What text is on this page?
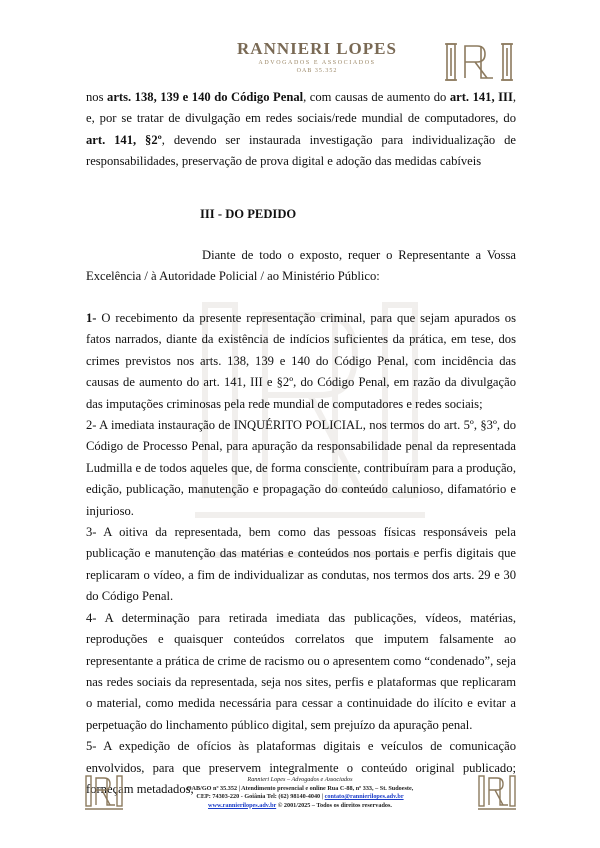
RANNIERI LOPES
ADVOGADOS E ASSOCIADOS
OAB 35.352

nos arts. 138, 139 e 140 do Código Penal, com causas de aumento do art. 141, III, e, por se tratar de divulgação em redes sociais/rede mundial de computadores, do art. 141, §2º, devendo ser instaurada investigação para individualização de responsabilidades, preservação de prova digital e adoção das medidas cabíveis

III - DO PEDIDO

Diante de todo o exposto, requer o Representante a Vossa Excelência / à Autoridade Policial / ao Ministério Público:

1- O recebimento da presente representação criminal, para que sejam apurados os fatos narrados, diante da existência de indícios suficientes da prática, em tese, dos crimes previstos nos arts. 138, 139 e 140 do Código Penal, com incidência das causas de aumento do art. 141, III e §2º, do Código Penal, em razão da divulgação das imputações criminosas pela rede mundial de computadores e redes sociais;

2- A imediata instauração de INQUÉRITO POLICIAL, nos termos do art. 5º, §3º, do Código de Processo Penal, para apuração da responsabilidade penal da representada Ludmilla e de todos aqueles que, de forma consciente, contribuíram para a produção, edição, publicação, manutenção e propagação do conteúdo calunioso, difamatório e injurioso.

3- A oitiva da representada, bem como das pessoas físicas responsáveis pela publicação e manutenção das matérias e conteúdos nos portais e perfis digitais que replicaram o vídeo, a fim de individualizar as condutas, nos termos dos arts. 29 e 30 do Código Penal.

4- A determinação para retirada imediata das publicações, vídeos, matérias, reproduções e quaisquer conteúdos correlatos que imputem falsamente ao representante a prática de crime de racismo ou o apresentem como “condenado”, seja nas redes sociais da representada, seja nos sites, perfis e plataformas que replicaram o material, como medida necessária para cessar a continuidade do ilícito e evitar a perpetuação do linchamento público digital, sem prejuízo da apuração penal.

5- A expedição de ofícios às plataformas digitais e veículos de comunicação envolvidos, para que preservem integralmente o conteúdo original publicado; forneçam metadados,

Rannieri Lopes – Advogados e Associados
OAB/GO nº 35.352 | Atendimento presencial e online Rua C-88, nº 333, – St. Sudoeste,
CEP: 74303-220 - Goiânia Tel: (62) 98140-4040 | contato@rannierilopes.adv.br
www.rannierilopes.adv.br © 2001/2025 – Todos os direitos reservados.
